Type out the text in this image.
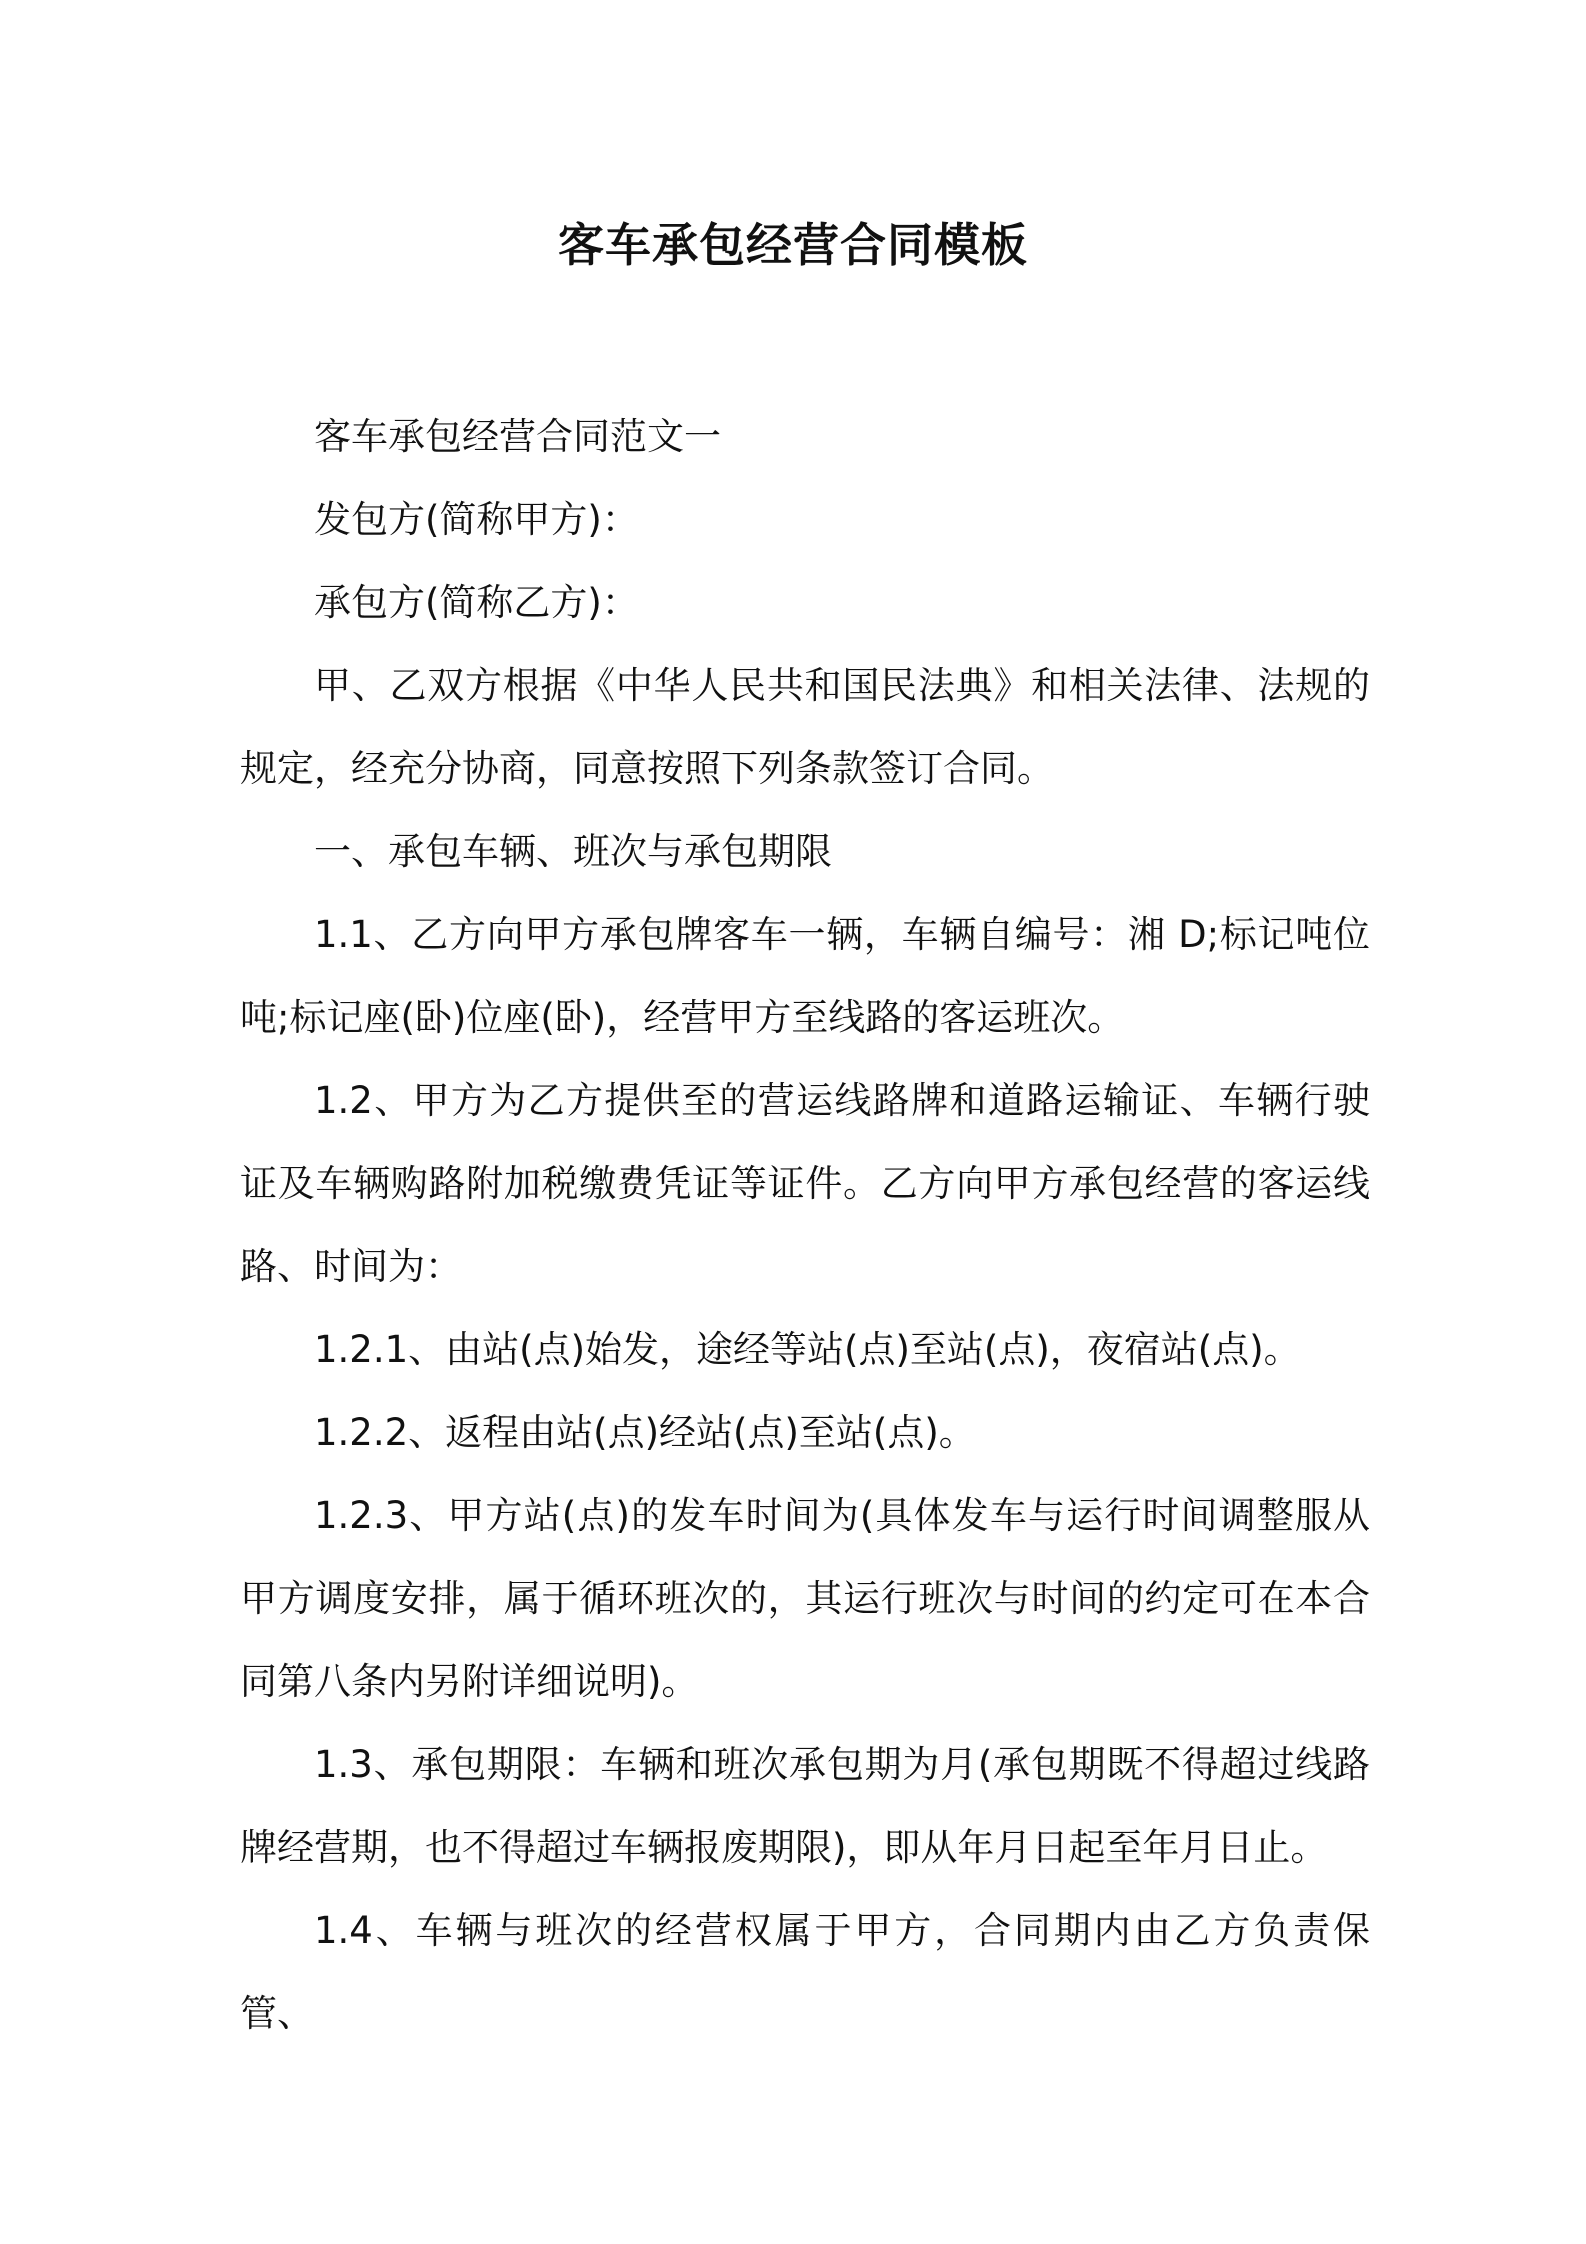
客车承包经营合同模板

客车承包经营合同范文一

发包方(简称甲方)：

承包方(简称乙方)：

甲、乙双方根据《中华人民共和国民法典》和相关法律、法规的规定，经充分协商，同意按照下列条款签订合同。

一、承包车辆、班次与承包期限

1.1、乙方向甲方承包牌客车一辆，车辆自编号：湘 D;标记吨位吨;标记座(卧)位座(卧)，经营甲方至线路的客运班次。

1.2、甲方为乙方提供至的营运线路牌和道路运输证、车辆行驶证及车辆购路附加税缴费凭证等证件。乙方向甲方承包经营的客运线路、时间为：

1.2.1、由站(点)始发，途经等站(点)至站(点)，夜宿站(点)。

1.2.2、返程由站(点)经站(点)至站(点)。

1.2.3、甲方站(点)的发车时间为(具体发车与运行时间调整服从甲方调度安排，属于循环班次的，其运行班次与时间的约定可在本合同第八条内另附详细说明)。

1.3、承包期限：车辆和班次承包期为月(承包期既不得超过线路牌经营期，也不得超过车辆报废期限)，即从年月日起至年月日止。

1.4、车辆与班次的经营权属于甲方，合同期内由乙方负责保管、
